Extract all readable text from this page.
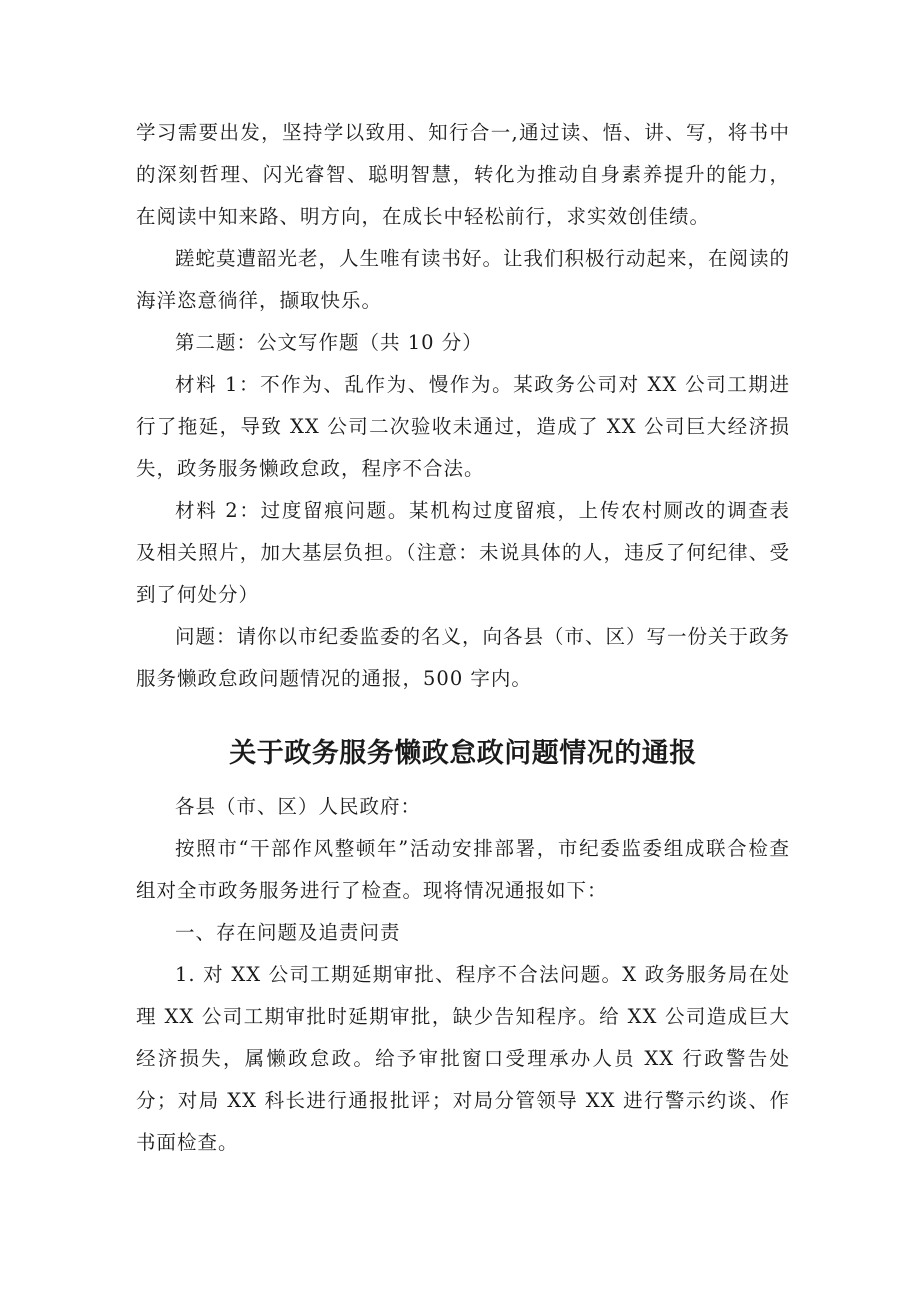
学习需要出发，坚持学以致用、知行合一,通过读、悟、讲、写，将书中的深刻哲理、闪光睿智、聪明智慧，转化为推动自身素养提升的能力，在阅读中知来路、明方向，在成长中轻松前行，求实效创佳绩。

蹉蛇莫遭韶光老，人生唯有读书好。让我们积极行动起来，在阅读的海洋恣意徜徉，撷取快乐。

第二题：公文写作题（共 10 分）

材料 1：不作为、乱作为、慢作为。某政务公司对 XX 公司工期进行了拖延，导致 XX 公司二次验收未通过，造成了 XX 公司巨大经济损失，政务服务懒政怠政，程序不合法。

材料 2：过度留痕问题。某机构过度留痕，上传农村厕改的调查表及相关照片，加大基层负担。（注意：未说具体的人，违反了何纪律、受到了何处分）

问题：请你以市纪委监委的名义，向各县（市、区）写一份关于政务服务懒政怠政问题情况的通报，500 字内。

关于政务服务懒政怠政问题情况的通报

各县（市、区）人民政府：

按照市“干部作风整顿年”活动安排部署，市纪委监委组成联合检查组对全市政务服务进行了检查。现将情况通报如下：

一、存在问题及追责问责

1. 对 XX 公司工期延期审批、程序不合法问题。X 政务服务局在处理 XX 公司工期审批时延期审批，缺少告知程序。给 XX 公司造成巨大经济损失，属懒政怠政。给予审批窗口受理承办人员 XX 行政警告处分；对局 XX 科长进行通报批评；对局分管领导 XX 进行警示约谈、作书面检查。
